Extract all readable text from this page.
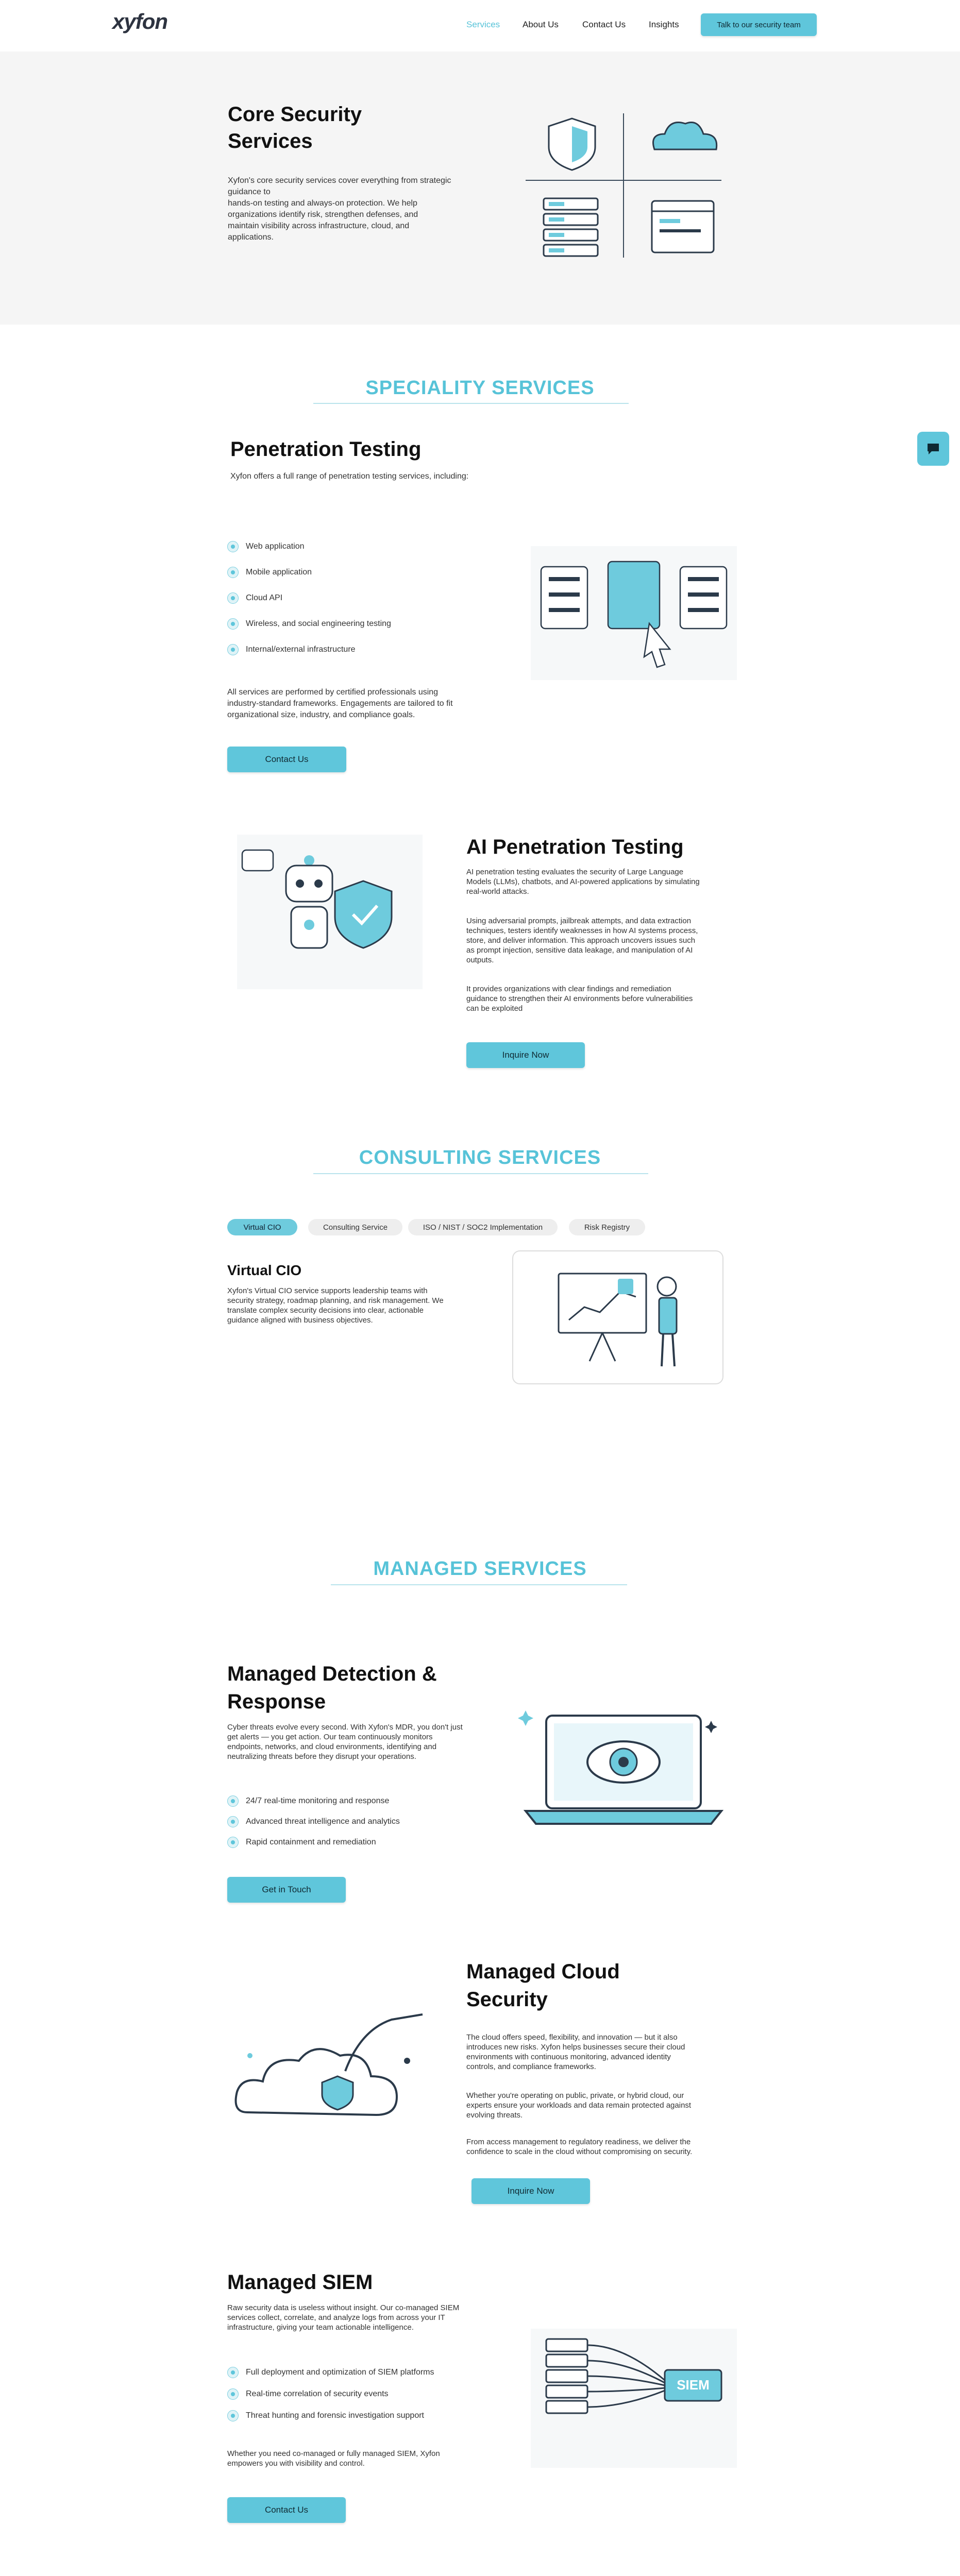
xyfon	Services	About Us	Contact Us	Insights	Talk to our security team
Core Security
Services
Xyfon's core security services cover everything from strategic
guidance to
hands-on testing and always-on protection. We help
organizations identify risk, strengthen defenses, and
maintain visibility across infrastructure, cloud, and
applications.
SPECIALITY SERVICES
Penetration Testing
Xyfon offers a full range of penetration testing services, including:
Web application
Mobile application
Cloud API
Wireless, and social engineering testing
Internal/external infrastructure
All services are performed by certified professionals using
industry-standard frameworks. Engagements are tailored to fit
organizational size, industry, and compliance goals.
Contact Us
AI Penetration Testing
AI penetration testing evaluates the security of Large Language
Models (LLMs), chatbots, and AI-powered applications by simulating
real-world attacks.
Using adversarial prompts, jailbreak attempts, and data extraction
techniques, testers identify weaknesses in how AI systems process,
store, and deliver information. This approach uncovers issues such
as prompt injection, sensitive data leakage, and manipulation of AI
outputs.
It provides organizations with clear findings and remediation
guidance to strengthen their AI environments before vulnerabilities
can be exploited
Inquire Now
CONSULTING SERVICES
Virtual CIO	Consulting Service	ISO / NIST / SOC2 Implementation	Risk Registry
Virtual CIO
Xyfon's Virtual CIO service supports leadership teams with
security strategy, roadmap planning, and risk management. We
translate complex security decisions into clear, actionable
guidance aligned with business objectives.
MANAGED SERVICES
Managed Detection &
Response
Cyber threats evolve every second. With Xyfon's MDR, you don't just
get alerts — you get action. Our team continuously monitors
endpoints, networks, and cloud environments, identifying and
neutralizing threats before they disrupt your operations.
24/7 real-time monitoring and response
Advanced threat intelligence and analytics
Rapid containment and remediation
Get in Touch
Managed Cloud
Security
The cloud offers speed, flexibility, and innovation — but it also
introduces new risks. Xyfon helps businesses secure their cloud
environments with continuous monitoring, advanced identity
controls, and compliance frameworks.
Whether you're operating on public, private, or hybrid cloud, our
experts ensure your workloads and data remain protected against
evolving threats.
From access management to regulatory readiness, we deliver the
confidence to scale in the cloud without compromising on security.
Inquire Now
Managed SIEM
Raw security data is useless without insight. Our co-managed SIEM
services collect, correlate, and analyze logs from across your IT
infrastructure, giving your team actionable intelligence.
Full deployment and optimization of SIEM platforms
Real-time correlation of security events
Threat hunting and forensic investigation support
Whether you need co-managed or fully managed SIEM, Xyfon
empowers you with visibility and control.
Contact Us
SIEM
